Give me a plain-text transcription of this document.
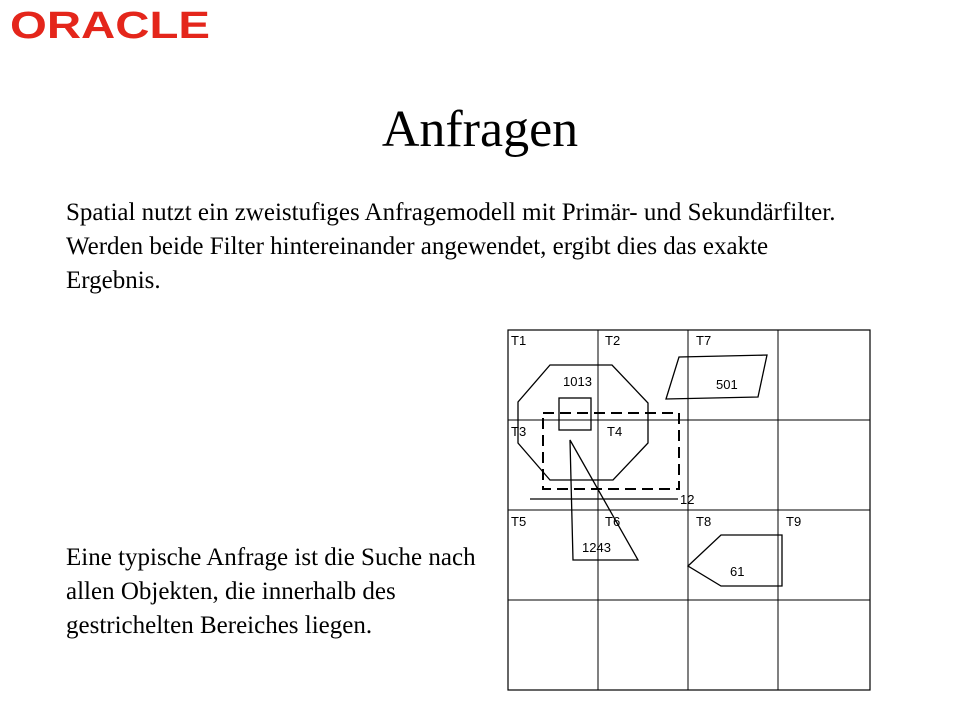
ORACLE
Anfragen
Spatial nutzt ein zweistufiges Anfragemodell mit Primär- und Sekundärfilter.
Werden beide Filter hintereinander angewendet, ergibt dies das exakte Ergebnis.
Eine typische Anfrage ist die Suche nach allen Objekten, die innerhalb des gestrichelten Bereiches liegen.
T1	T2	T7
T3	T4
T5	T6	T8	T9
1013	501
12
1243
61
